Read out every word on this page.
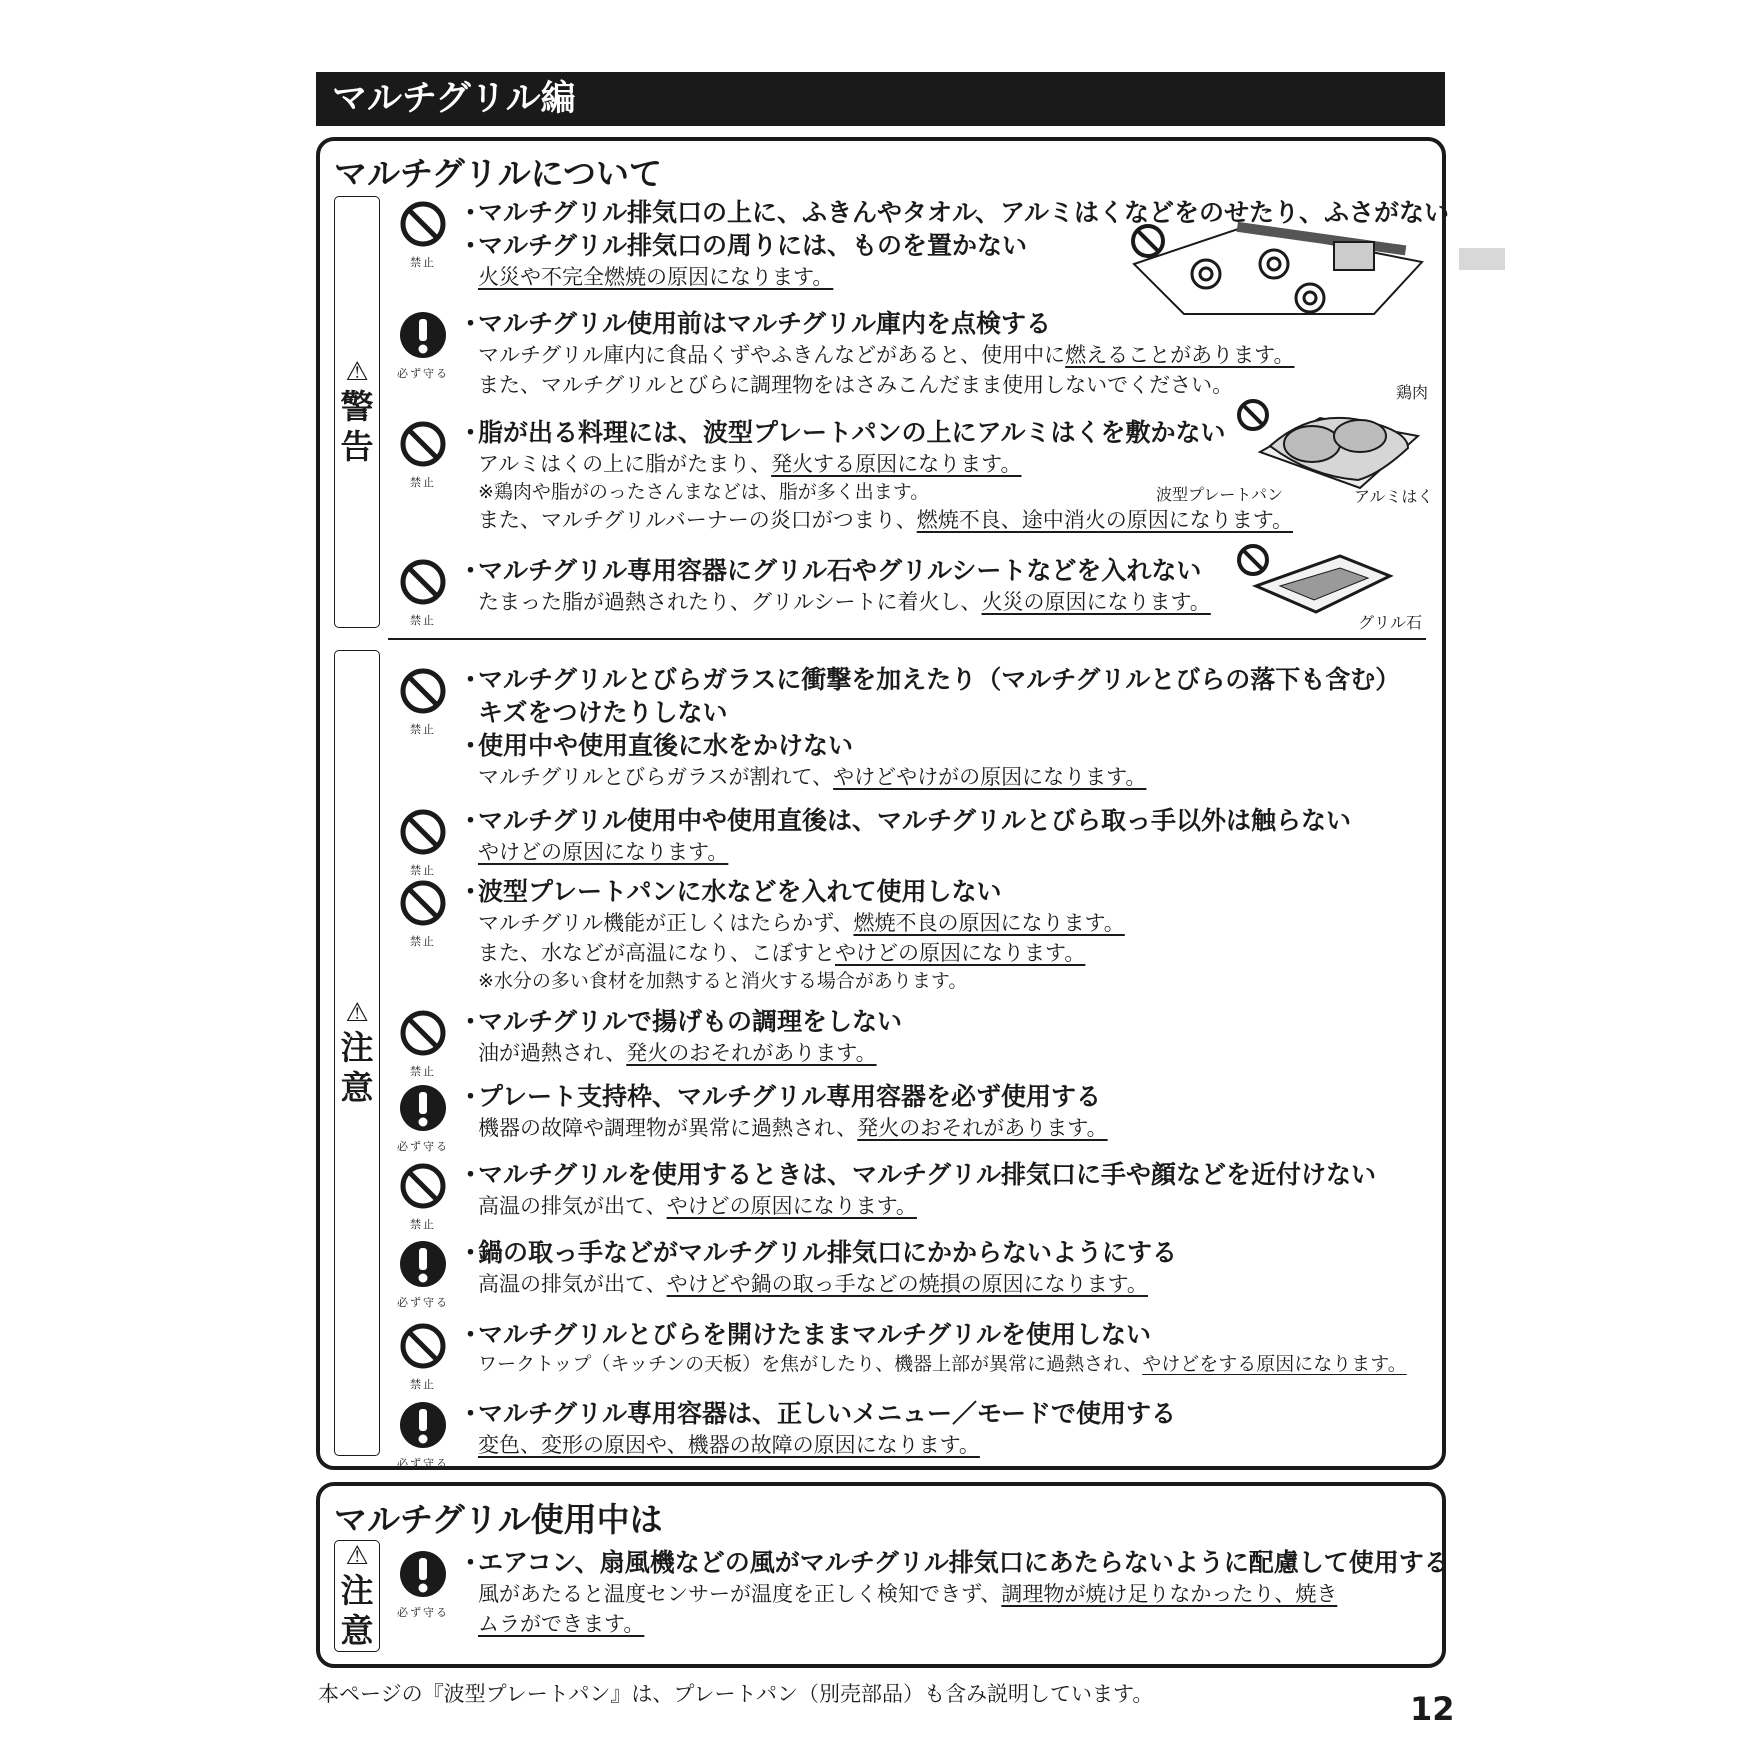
マルチグリル編
マルチグリルについて
⚠
警
告
⚠
注
意
禁止
・マルチグリル排気口の上に、ふきんやタオル、アルミはくなどをのせたり、ふさがない
・マルチグリル排気口の周りには、ものを置かない
火災や不完全燃焼の原因になります。
必ず守る
・マルチグリル使用前はマルチグリル庫内を点検する
マルチグリル庫内に食品くずやふきんなどがあると、使用中に燃えることがあります。
また、マルチグリルとびらに調理物をはさみこんだまま使用しないでください。
禁止
・脂が出る料理には、波型プレートパンの上にアルミはくを敷かない
アルミはくの上に脂がたまり、発火する原因になります。
※鶏肉や脂がのったさんまなどは、脂が多く出ます。
また、マルチグリルバーナーの炎口がつまり、燃焼不良、途中消火の原因になります。
禁止
・マルチグリル専用容器にグリル石やグリルシートなどを入れない
たまった脂が過熱されたり、グリルシートに着火し、火災の原因になります。
禁止
・マルチグリルとびらガラスに衝撃を加えたり（マルチグリルとびらの落下も含む）
キズをつけたりしない
・使用中や使用直後に水をかけない
マルチグリルとびらガラスが割れて、やけどやけがの原因になります。
禁止
・マルチグリル使用中や使用直後は、マルチグリルとびら取っ手以外は触らない
やけどの原因になります。
禁止
・波型プレートパンに水などを入れて使用しない
マルチグリル機能が正しくはたらかず、燃焼不良の原因になります。
また、水などが高温になり、こぼすとやけどの原因になります。
※水分の多い食材を加熱すると消火する場合があります。
禁止
・マルチグリルで揚げもの調理をしない
油が過熱され、発火のおそれがあります。
必ず守る
・プレート支持枠、マルチグリル専用容器を必ず使用する
機器の故障や調理物が異常に過熱され、発火のおそれがあります。
禁止
・マルチグリルを使用するときは、マルチグリル排気口に手や顔などを近付けない
高温の排気が出て、やけどの原因になります。
必ず守る
・鍋の取っ手などがマルチグリル排気口にかからないようにする
高温の排気が出て、やけどや鍋の取っ手などの焼損の原因になります。
禁止
・マルチグリルとびらを開けたままマルチグリルを使用しない
ワークトップ（キッチンの天板）を焦がしたり、機器上部が異常に過熱され、やけどをする原因になります。
必ず守る
・マルチグリル専用容器は、正しいメニュー／モードで使用する
変色、変形の原因や、機器の故障の原因になります。
必ず守る
・エアコン、扇風機などの風がマルチグリル排気口にあたらないように配慮して使用する
風があたると温度センサーが温度を正しく検知できず、調理物が焼け足りなかったり、焼き
ムラができます。
鶏肉
波型プレートパン	アルミはく
グリル石
マルチグリル使用中は
⚠
注
意
本ページの『波型プレートパン』は、プレートパン（別売部品）も含み説明しています。	12
